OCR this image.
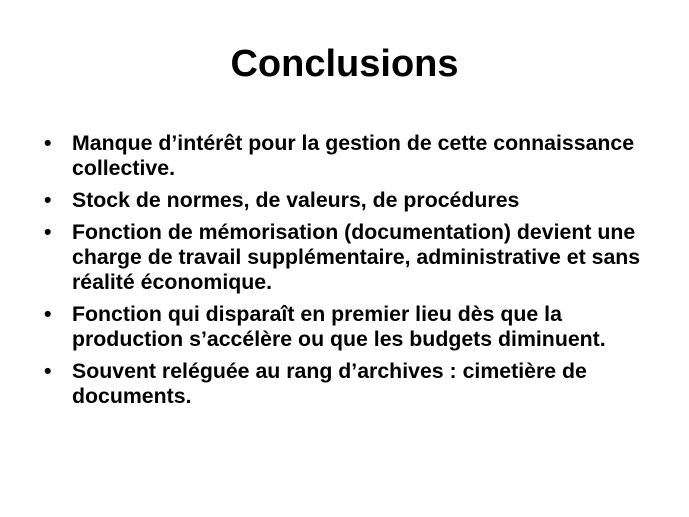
Conclusions
• Manque d’intérêt pour la gestion de cette connaissance collective.
• Stock de normes, de valeurs, de procédures
• Fonction de mémorisation (documentation) devient une charge de travail supplémentaire, administrative et sans réalité économique.
• Fonction qui disparaît en premier lieu dès que la production s’accélère ou que les budgets diminuent.
• Souvent reléguée au rang d’archives : cimetière de documents.
